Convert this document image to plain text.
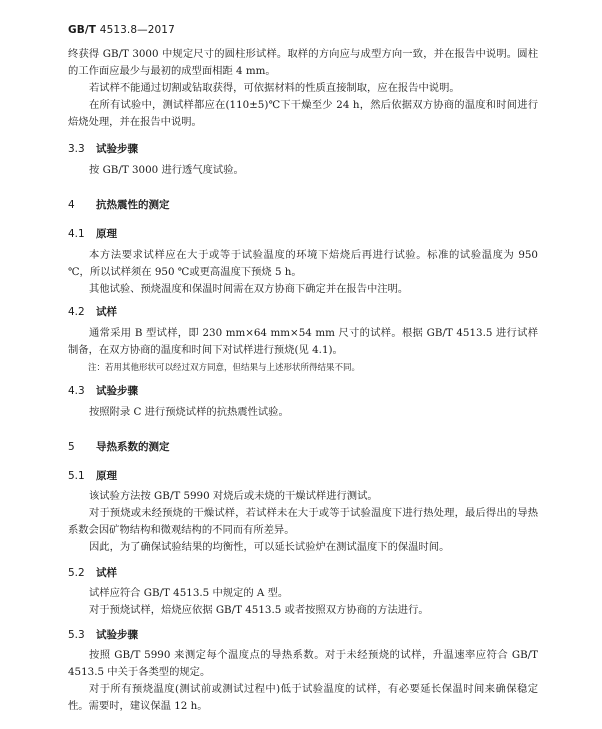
GB/T 4513.8—2017

终获得 GB/T 3000 中规定尺寸的圆柱形试样。取样的方向应与成型方向一致，并在报告中说明。圆柱的工作面应最少与最初的成型面相距 4 mm。

若试样不能通过切割或钻取获得，可依据材料的性质直接制取，应在报告中说明。

在所有试验中，测试样都应在(110±5)℃下干燥至少 24 h，然后依据双方协商的温度和时间进行焙烧处理，并在报告中说明。

3.3 试验步骤

按 GB/T 3000 进行透气度试验。

4 抗热震性的测定
4.1 原理

本方法要求试样应在大于或等于试验温度的环境下焙烧后再进行试验。标准的试验温度为 950 ℃，所以试样须在 950 ℃或更高温度下预烧 5 h。

其他试验、预烧温度和保温时间需在双方协商下确定并在报告中注明。

4.2 试样

通常采用 B 型试样，即 230 mm×64 mm×54 mm 尺寸的试样。根据 GB/T 4513.5 进行试样制备，在双方协商的温度和时间下对试样进行预烧(见 4.1)。

注：若用其他形状可以经过双方同意，但结果与上述形状所得结果不同。

4.3 试验步骤

按照附录 C 进行预烧试样的抗热震性试验。

5 导热系数的测定
5.1 原理

该试验方法按 GB/T 5990 对烧后或未烧的干燥试样进行测试。

对于预烧或未经预烧的干燥试样，若试样未在大于或等于试验温度下进行热处理，最后得出的导热系数会因矿物结构和微观结构的不同而有所差异。

因此，为了确保试验结果的均衡性，可以延长试验炉在测试温度下的保温时间。

5.2 试样

试样应符合 GB/T 4513.5 中规定的 A 型。

对于预烧试样，焙烧应依据 GB/T 4513.5 或者按照双方协商的方法进行。

5.3 试验步骤

按照 GB/T 5990 来测定每个温度点的导热系数。对于未经预烧的试样，升温速率应符合 GB/T 4513.5 中关于各类型的规定。

对于所有预烧温度(测试前或测试过程中)低于试验温度的试样，有必要延长保温时间来确保稳定性。需要时，建议保温 12 h。
